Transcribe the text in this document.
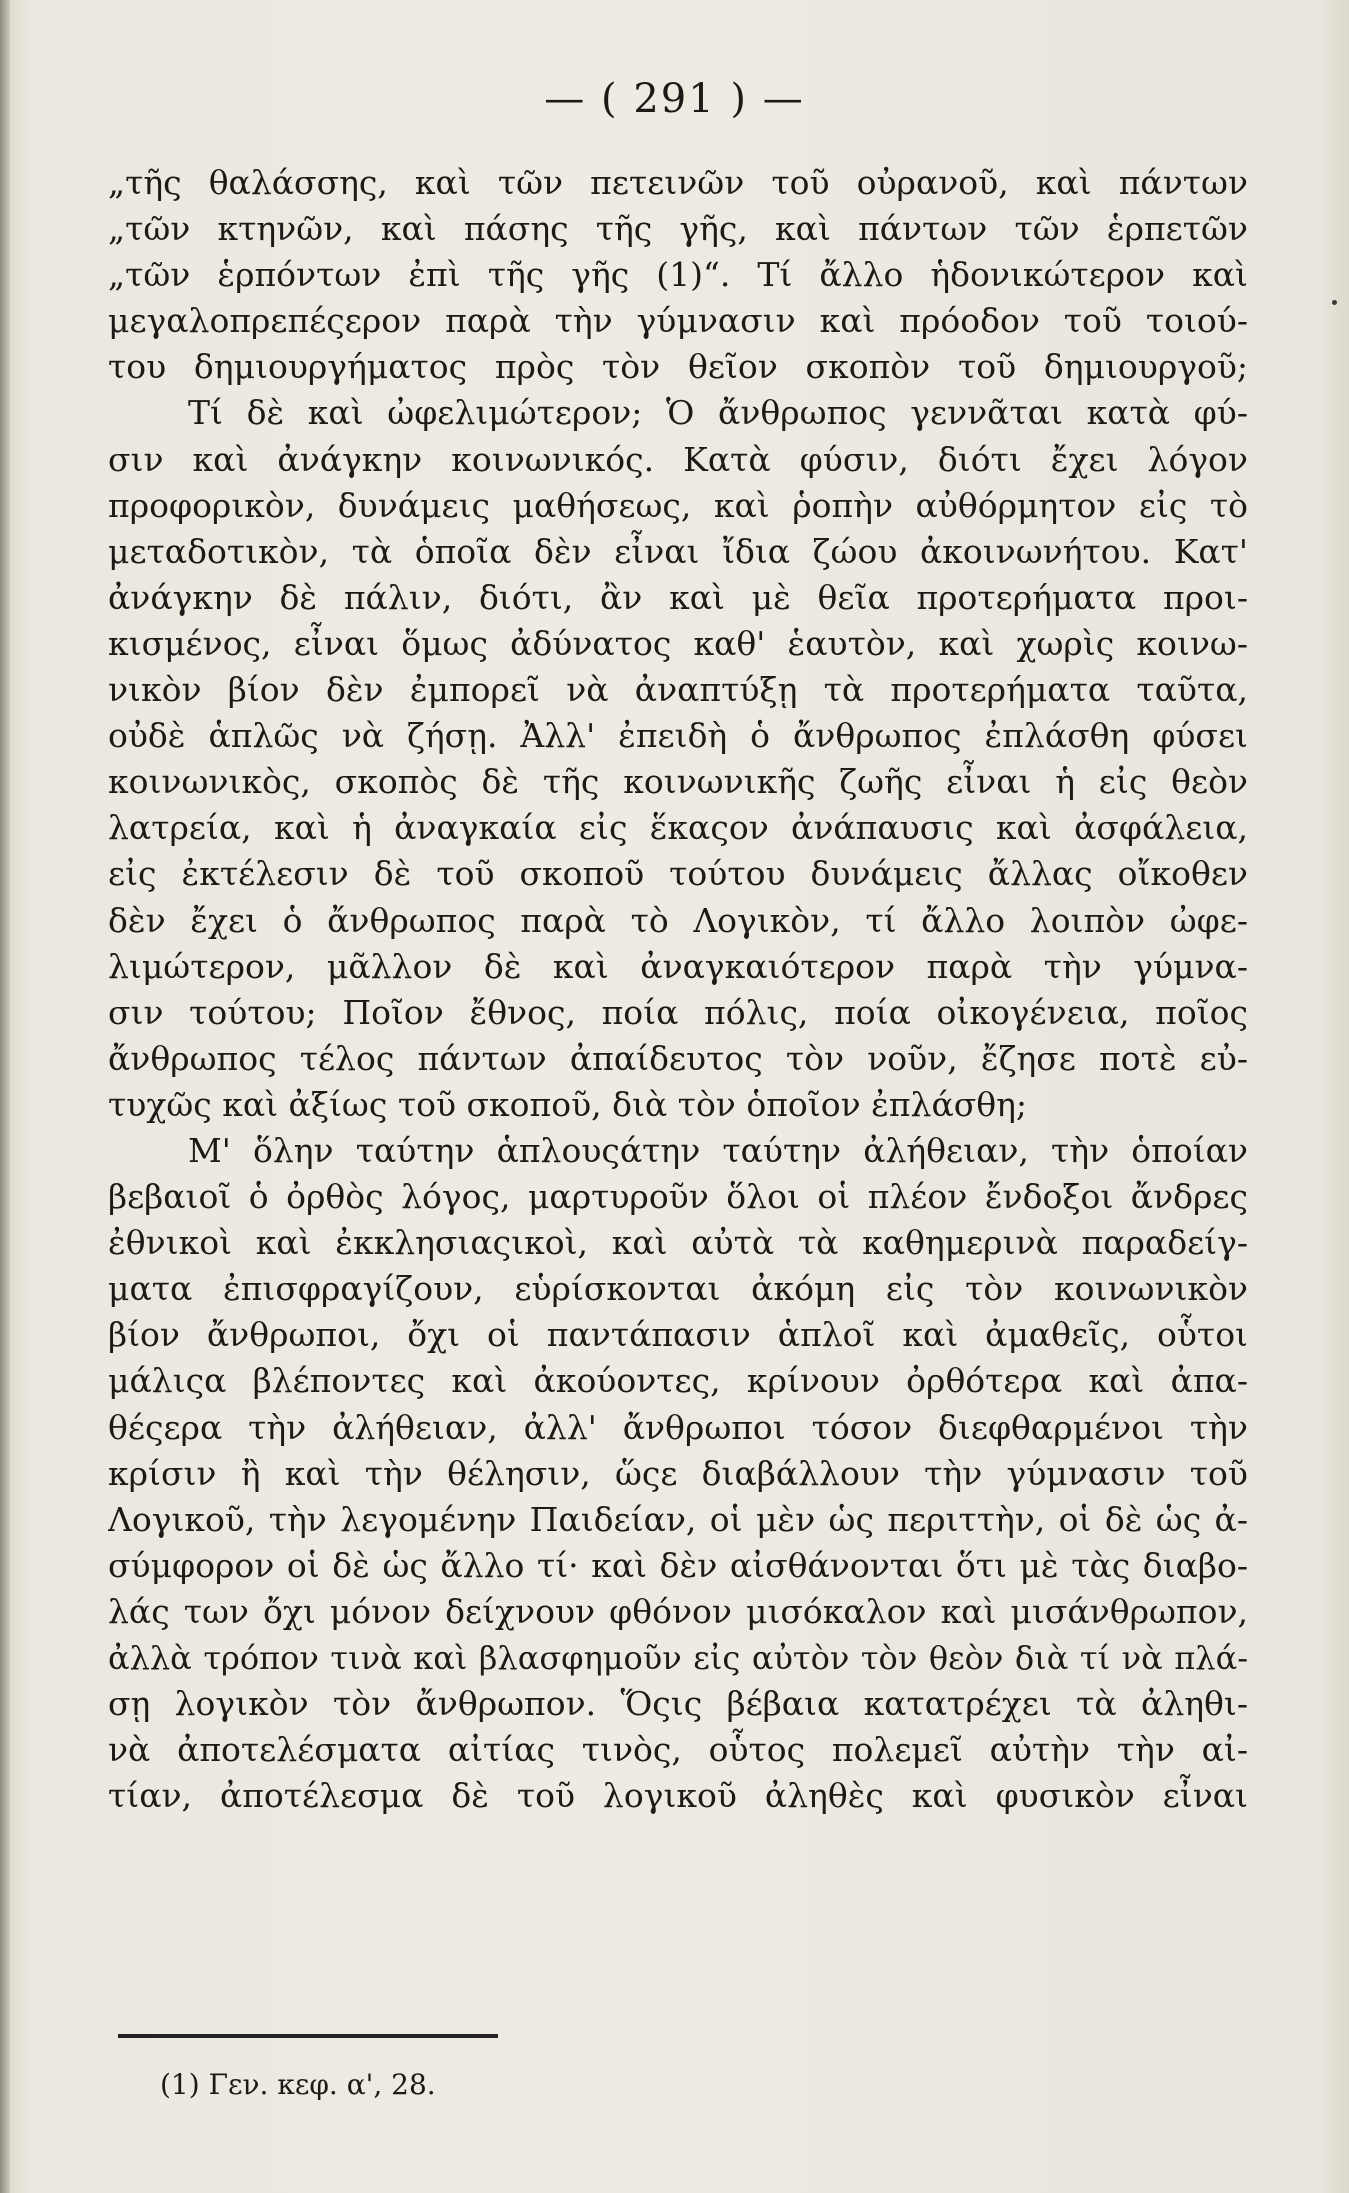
— ( 291 ) —
„τῆς θαλάσσης, καὶ τῶν πετεινῶν τοῦ οὐρανοῦ, καὶ πάντων
„τῶν κτηνῶν, καὶ πάσης τῆς γῆς, καὶ πάντων τῶν ἑρπετῶν
„τῶν ἑρπόντων ἐπὶ τῆς γῆς (1)“. Τί ἄλλο ἡδονικώτερον καὶ
μεγαλοπρεπέςερον παρὰ τὴν γύμνασιν καὶ πρόοδον τοῦ τοιού-
του δημιουργήματος πρὸς τὸν θεῖον σκοπὸν τοῦ δημιουργοῦ;
Τί δὲ καὶ ὠφελιμώτερον; Ὁ ἄνθρωπος γεννᾶται κατὰ φύ-
σιν καὶ ἀνάγκην κοινωνικός. Κατὰ φύσιν, διότι ἔχει λόγον
προφορικὸν, δυνάμεις μαθήσεως, καὶ ῥοπὴν αὐθόρμητον εἰς τὸ
μεταδοτικὸν, τὰ ὁποῖα δὲν εἶναι ἴδια ζώου ἀκοινωνήτου. Κατ'
ἀνάγκην δὲ πάλιν, διότι, ἂν καὶ μὲ θεῖα προτερήματα προι-
κισμένος, εἶναι ὅμως ἀδύνατος καθ' ἑαυτὸν, καὶ χωρὶς κοινω-
νικὸν βίον δὲν ἐμπορεῖ νὰ ἀναπτύξῃ τὰ προτερήματα ταῦτα,
οὐδὲ ἁπλῶς νὰ ζήσῃ. Ἀλλ' ἐπειδὴ ὁ ἄνθρωπος ἐπλάσθη φύσει
κοινωνικὸς, σκοπὸς δὲ τῆς κοινωνικῆς ζωῆς εἶναι ἡ εἰς θεὸν
λατρεία, καὶ ἡ ἀναγκαία εἰς ἕκαςον ἀνάπαυσις καὶ ἀσφάλεια,
εἰς ἐκτέλεσιν δὲ τοῦ σκοποῦ τούτου δυνάμεις ἄλλας οἴκοθεν
δὲν ἔχει ὁ ἄνθρωπος παρὰ τὸ Λογικὸν, τί ἄλλο λοιπὸν ὠφε-
λιμώτερον, μᾶλλον δὲ καὶ ἀναγκαιότερον παρὰ τὴν γύμνα-
σιν τούτου; Ποῖον ἔθνος, ποία πόλις, ποία οἰκογένεια, ποῖος
ἄνθρωπος τέλος πάντων ἀπαίδευτος τὸν νοῦν, ἔζησε ποτὲ εὐ-
τυχῶς καὶ ἀξίως τοῦ σκοποῦ, διὰ τὸν ὁποῖον ἐπλάσθη;
Μ' ὅλην ταύτην ἁπλουςάτην ταύτην ἀλήθειαν, τὴν ὁποίαν
βεβαιοῖ ὁ ὀρθὸς λόγος, μαρτυροῦν ὅλοι οἱ πλέον ἔνδοξοι ἄνδρες
ἐθνικοὶ καὶ ἐκκλησιαςικοὶ, καὶ αὐτὰ τὰ καθημερινὰ παραδείγ-
ματα ἐπισφραγίζουν, εὑρίσκονται ἀκόμη εἰς τὸν κοινωνικὸν
βίον ἄνθρωποι, ὄχι οἱ παντάπασιν ἁπλοῖ καὶ ἀμαθεῖς, οὗτοι
μάλιςα βλέποντες καὶ ἀκούοντες, κρίνουν ὀρθότερα καὶ ἀπα-
θέςερα τὴν ἀλήθειαν, ἀλλ' ἄνθρωποι τόσον διεφθαρμένοι τὴν
κρίσιν ἢ καὶ τὴν θέλησιν, ὥςε διαβάλλουν τὴν γύμνασιν τοῦ
Λογικοῦ, τὴν λεγομένην Παιδείαν, οἱ μὲν ὡς περιττὴν, οἱ δὲ ὡς ἀ-
σύμφορον οἱ δὲ ὡς ἄλλο τί· καὶ δὲν αἰσθάνονται ὅτι μὲ τὰς διαβο-
λάς των ὄχι μόνον δείχνουν φθόνον μισόκαλον καὶ μισάνθρωπον,
ἀλλὰ τρόπον τινὰ καὶ βλασφημοῦν εἰς αὐτὸν τὸν θεὸν διὰ τί νὰ πλά-
σῃ λογικὸν τὸν ἄνθρωπον. Ὅςις βέβαια κατατρέχει τὰ ἀληθι-
νὰ ἀποτελέσματα αἰτίας τινὸς, οὗτος πολεμεῖ αὐτὴν τὴν αἰ-
τίαν, ἀποτέλεσμα δὲ τοῦ λογικοῦ ἀληθὲς καὶ φυσικὸν εἶναι
(1) Γεν. κεφ. α', 28.
